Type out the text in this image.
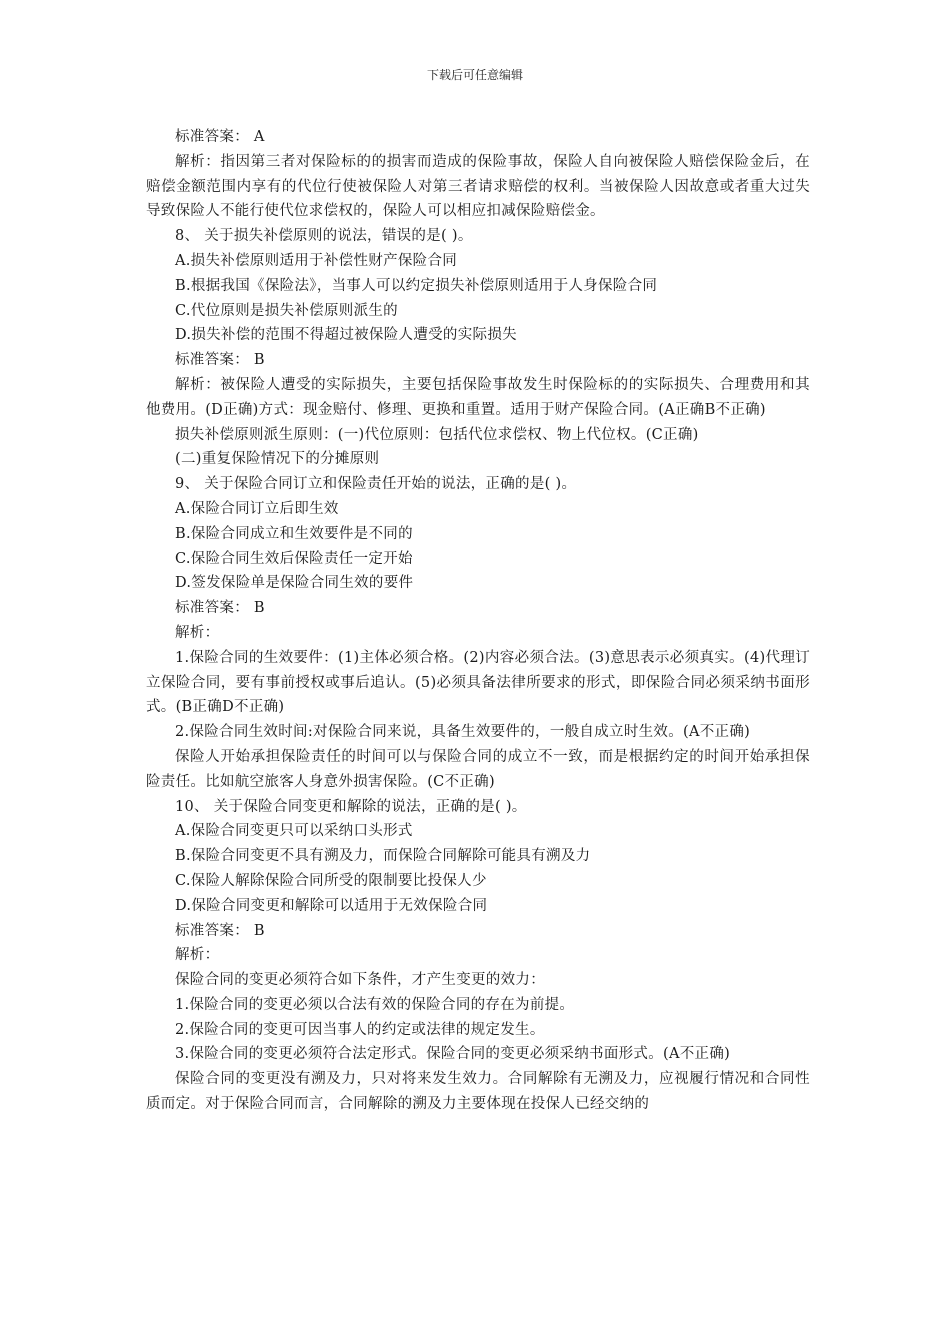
下载后可任意编辑

标准答案： A

解析：指因第三者对保险标的的损害而造成的保险事故，保险人自向被保险人赔偿保险金后，在赔偿金额范围内享有的代位行使被保险人对第三者请求赔偿的权利。当被保险人因故意或者重大过失导致保险人不能行使代位求偿权的，保险人可以相应扣减保险赔偿金。

8、 关于损失补偿原则的说法，错误的是( )。

A.损失补偿原则适用于补偿性财产保险合同

B.根据我国《保险法》，当事人可以约定损失补偿原则适用于人身保险合同

C.代位原则是损失补偿原则派生的

D.损失补偿的范围不得超过被保险人遭受的实际损失

标准答案： B

解析：被保险人遭受的实际损失，主要包括保险事故发生时保险标的的实际损失、合理费用和其他费用。(D正确)方式：现金赔付、修理、更换和重置。适用于财产保险合同。(A正确B不正确)

损失补偿原则派生原则：(一)代位原则：包括代位求偿权、物上代位权。(C正确)

(二)重复保险情况下的分摊原则

9、 关于保险合同订立和保险责任开始的说法，正确的是( )。

A.保险合同订立后即生效

B.保险合同成立和生效要件是不同的

C.保险合同生效后保险责任一定开始

D.签发保险单是保险合同生效的要件

标准答案： B

解析：

1.保险合同的生效要件：(1)主体必须合格。(2)内容必须合法。(3)意思表示必须真实。(4)代理订立保险合同，要有事前授权或事后追认。(5)必须具备法律所要求的形式，即保险合同必须采纳书面形式。(B正确D不正确)

2.保险合同生效时间:对保险合同来说，具备生效要件的，一般自成立时生效。(A不正确)

保险人开始承担保险责任的时间可以与保险合同的成立不一致，而是根据约定的时间开始承担保险责任。比如航空旅客人身意外损害保险。(C不正确)

10、 关于保险合同变更和解除的说法，正确的是( )。

A.保险合同变更只可以采纳口头形式

B.保险合同变更不具有溯及力，而保险合同解除可能具有溯及力

C.保险人解除保险合同所受的限制要比投保人少

D.保险合同变更和解除可以适用于无效保险合同

标准答案： B

解析：

保险合同的变更必须符合如下条件，才产生变更的效力：

1.保险合同的变更必须以合法有效的保险合同的存在为前提。

2.保险合同的变更可因当事人的约定或法律的规定发生。

3.保险合同的变更必须符合法定形式。保险合同的变更必须采纳书面形式。(A不正确)

保险合同的变更没有溯及力，只对将来发生效力。合同解除有无溯及力，应视履行情况和合同性质而定。对于保险合同而言，合同解除的溯及力主要体现在投保人已经交纳的
